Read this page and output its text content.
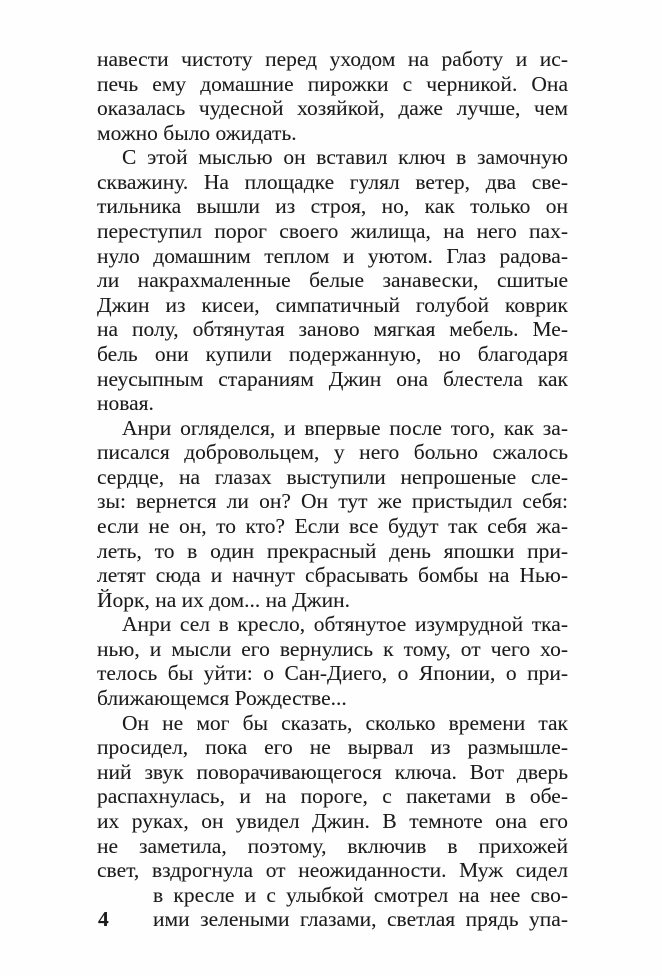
навести чистоту перед уходом на работу и ис-
печь ему домашние пирожки с черникой. Она
оказалась чудесной хозяйкой, даже лучше, чем
можно было ожидать.
С этой мыслью он вставил ключ в замочную
скважину. На площадке гулял ветер, два све-
тильника вышли из строя, но, как только он
переступил порог своего жилища, на него пах-
нуло домашним теплом и уютом. Глаз радова-
ли накрахмаленные белые занавески, сшитые
Джин из кисеи, симпатичный голубой коврик
на полу, обтянутая заново мягкая мебель. Ме-
бель они купили подержанную, но благодаря
неусыпным стараниям Джин она блестела как
новая.
Анри огляделся, и впервые после того, как за-
писался добровольцем, у него больно сжалось
сердце, на глазах выступили непрошеные сле-
зы: вернется ли он? Он тут же пристыдил себя:
если не он, то кто? Если все будут так себя жа-
леть, то в один прекрасный день япошки при-
летят сюда и начнут сбрасывать бомбы на Нью-
Йорк, на их дом... на Джин.
Анри сел в кресло, обтянутое изумрудной тка-
нью, и мысли его вернулись к тому, от чего хо-
телось бы уйти: о Сан-Диего, о Японии, о при-
ближающемся Рождестве...
Он не мог бы сказать, сколько времени так
просидел, пока его не вырвал из размышле-
ний звук поворачивающегося ключа. Вот дверь
распахнулась, и на пороге, с пакетами в обе-
их руках, он увидел Джин. В темноте она его
не заметила, поэтому, включив в прихожей
свет, вздрогнула от неожиданности. Муж сидел
в кресле и с улыбкой смотрел на нее сво-
ими зелеными глазами, светлая прядь упа-
4
